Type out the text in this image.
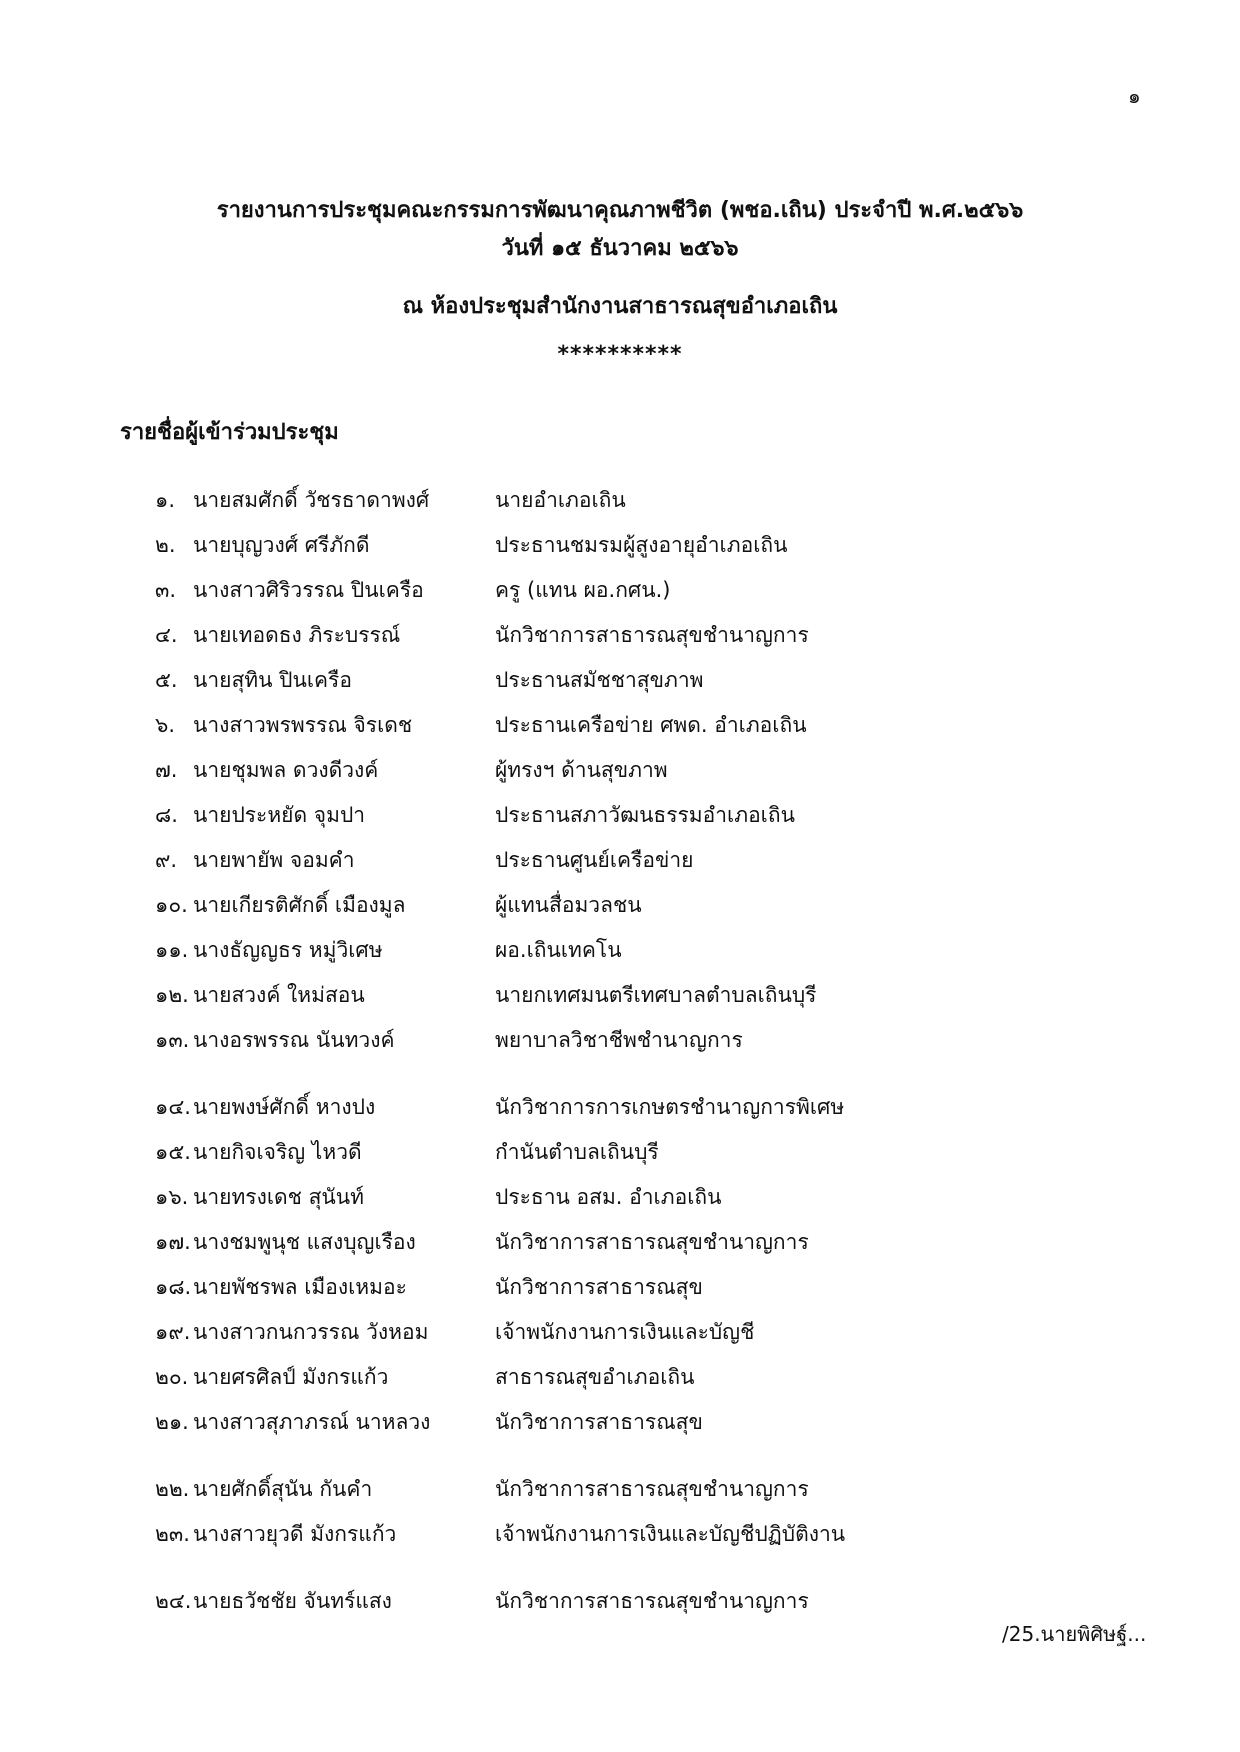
๑
รายงานการประชุมคณะกรรมการพัฒนาคุณภาพชีวิต (พชอ.เถิน) ประจำปี พ.ศ.๒๕๖๖
วันที่ ๑๕ ธันวาคม ๒๕๖๖
ณ ห้องประชุมสำนักงานสาธารณสุขอำเภอเถิน
**********
รายชื่อผู้เข้าร่วมประชุม
๑. นายสมศักดิ์ วัชรธาดาพงศ์	นายอำเภอเถิน
๒. นายบุญวงศ์ ศรีภักดี	ประธานชมรมผู้สูงอายุอำเภอเถิน
๓. นางสาวศิริวรรณ ปินเครือ	ครู (แทน ผอ.กศน.)
๔. นายเทอดธง ภิระบรรณ์	นักวิชาการสาธารณสุขชำนาญการ
๕. นายสุทิน ปินเครือ	ประธานสมัชชาสุขภาพ
๖. นางสาวพรพรรณ จิรเดช	ประธานเครือข่าย ศพด. อำเภอเถิน
๗. นายชุมพล ดวงดีวงค์	ผู้ทรงฯ ด้านสุขภาพ
๘. นายประหยัด จุมปา	ประธานสภาวัฒนธรรมอำเภอเถิน
๙. นายพายัพ จอมคำ	ประธานศูนย์เครือข่าย
๑๐. นายเกียรติศักดิ์ เมืองมูล	ผู้แทนสื่อมวลชน
๑๑. นางธัญญธร หมู่วิเศษ	ผอ.เถินเทคโน
๑๒. นายสวงค์ ใหม่สอน	นายกเทศมนตรีเทศบาลตำบลเถินบุรี
๑๓. นางอรพรรณ นันทวงค์	พยาบาลวิชาชีพชำนาญการ
๑๔. นายพงษ์ศักดิ์ หางปง	นักวิชาการการเกษตรชำนาญการพิเศษ
๑๕. นายกิจเจริญ ไหวดี	กำนันตำบลเถินบุรี
๑๖. นายทรงเดช สุนันท์	ประธาน อสม. อำเภอเถิน
๑๗. นางชมพูนุช แสงบุญเรือง	นักวิชาการสาธารณสุขชำนาญการ
๑๘. นายพัชรพล เมืองเหมอะ	นักวิชาการสาธารณสุข
๑๙. นางสาวกนกวรรณ วังหอม	เจ้าพนักงานการเงินและบัญชี
๒๐. นายศรศิลป์ มังกรแก้ว	สาธารณสุขอำเภอเถิน
๒๑. นางสาวสุภาภรณ์ นาหลวง	นักวิชาการสาธารณสุข
๒๒. นายศักดิ์สุนัน กันคำ	นักวิชาการสาธารณสุขชำนาญการ
๒๓. นางสาวยุวดี มังกรแก้ว	เจ้าพนักงานการเงินและบัญชีปฏิบัติงาน
๒๔. นายธวัชชัย จันทร์แสง	นักวิชาการสาธารณสุขชำนาญการ
/25.นายพิศิษฐ์...
